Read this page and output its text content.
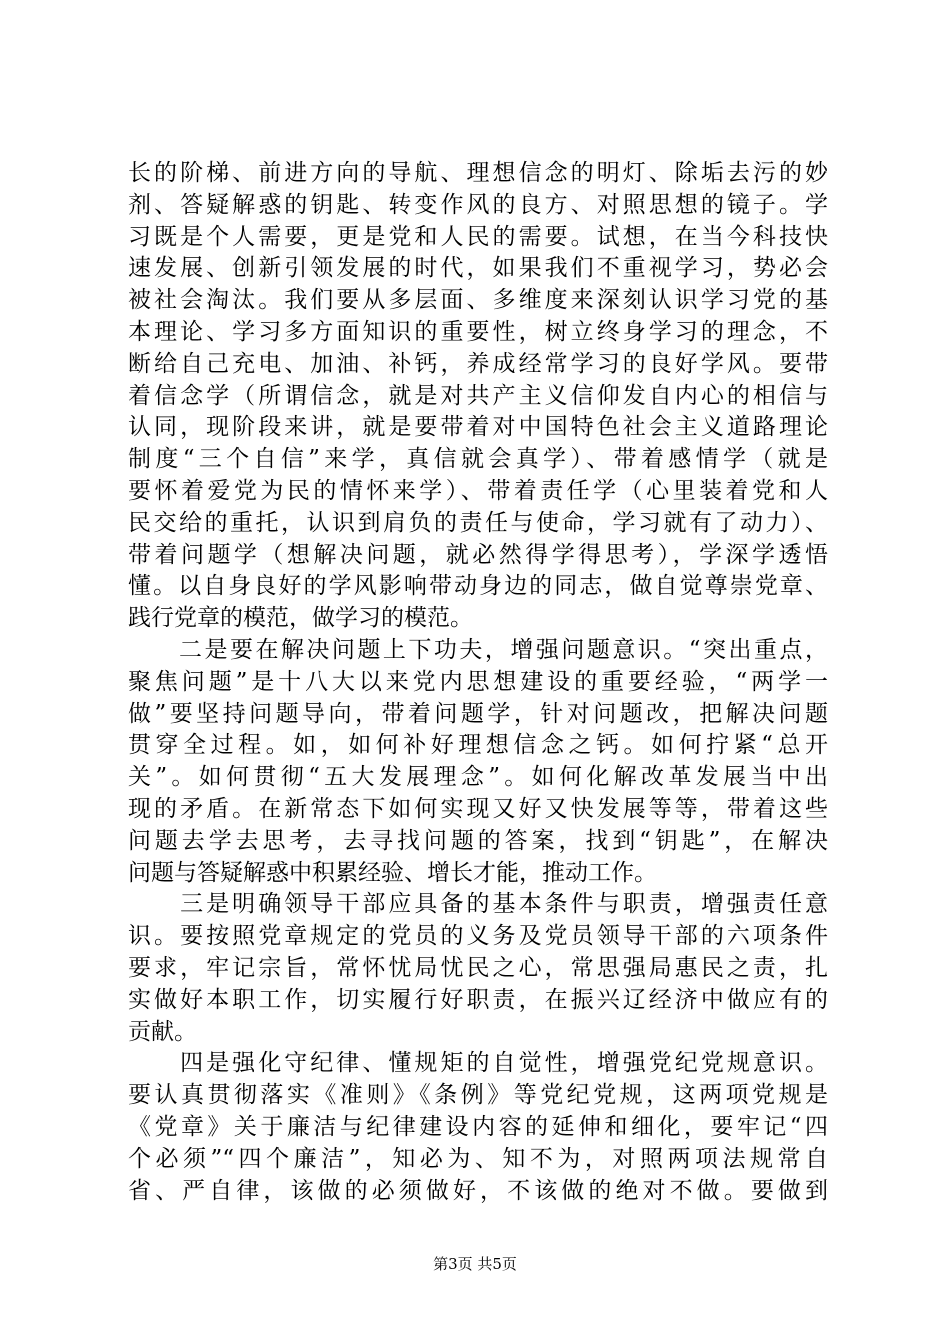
长的阶梯、前进方向的导航、理想信念的明灯、除垢去污的妙
剂、答疑解惑的钥匙、转变作风的良方、对照思想的镜子。学
习既是个人需要，更是党和人民的需要。试想，在当今科技快
速发展、创新引领发展的时代，如果我们不重视学习，势必会
被社会淘汰。我们要从多层面、多维度来深刻认识学习党的基
本理论、学习多方面知识的重要性，树立终身学习的理念，不
断给自己充电、加油、补钙，养成经常学习的良好学风。要带
着信念学（所谓信念，就是对共产主义信仰发自内心的相信与
认同，现阶段来讲，就是要带着对中国特色社会主义道路理论
制度“三个自信”来学，真信就会真学）、带着感情学（就是
要怀着爱党为民的情怀来学）、带着责任学（心里装着党和人
民交给的重托，认识到肩负的责任与使命，学习就有了动力）、
带着问题学（想解决问题，就必然得学得思考），学深学透悟
懂。以自身良好的学风影响带动身边的同志，做自觉尊崇党章、
践行党章的模范，做学习的模范。
　　二是要在解决问题上下功夫，增强问题意识。“突出重点，
聚焦问题”是十八大以来党内思想建设的重要经验，“两学一
做”要坚持问题导向，带着问题学，针对问题改，把解决问题
贯穿全过程。如，如何补好理想信念之钙。如何拧紧“总开
关”。如何贯彻“五大发展理念”。如何化解改革发展当中出
现的矛盾。在新常态下如何实现又好又快发展等等，带着这些
问题去学去思考，去寻找问题的答案，找到“钥匙”，在解决
问题与答疑解惑中积累经验、增长才能，推动工作。
　　三是明确领导干部应具备的基本条件与职责，增强责任意
识。要按照党章规定的党员的义务及党员领导干部的六项条件
要求，牢记宗旨，常怀忧局忧民之心，常思强局惠民之责，扎
实做好本职工作，切实履行好职责，在振兴辽经济中做应有的
贡献。
　　四是强化守纪律、懂规矩的自觉性，增强党纪党规意识。
要认真贯彻落实《准则》《条例》等党纪党规，这两项党规是
《党章》关于廉洁与纪律建设内容的延伸和细化，要牢记“四
个必须”“四个廉洁”，知必为、知不为，对照两项法规常自
省、严自律，该做的必须做好，不该做的绝对不做。要做到
第3页 共5页
